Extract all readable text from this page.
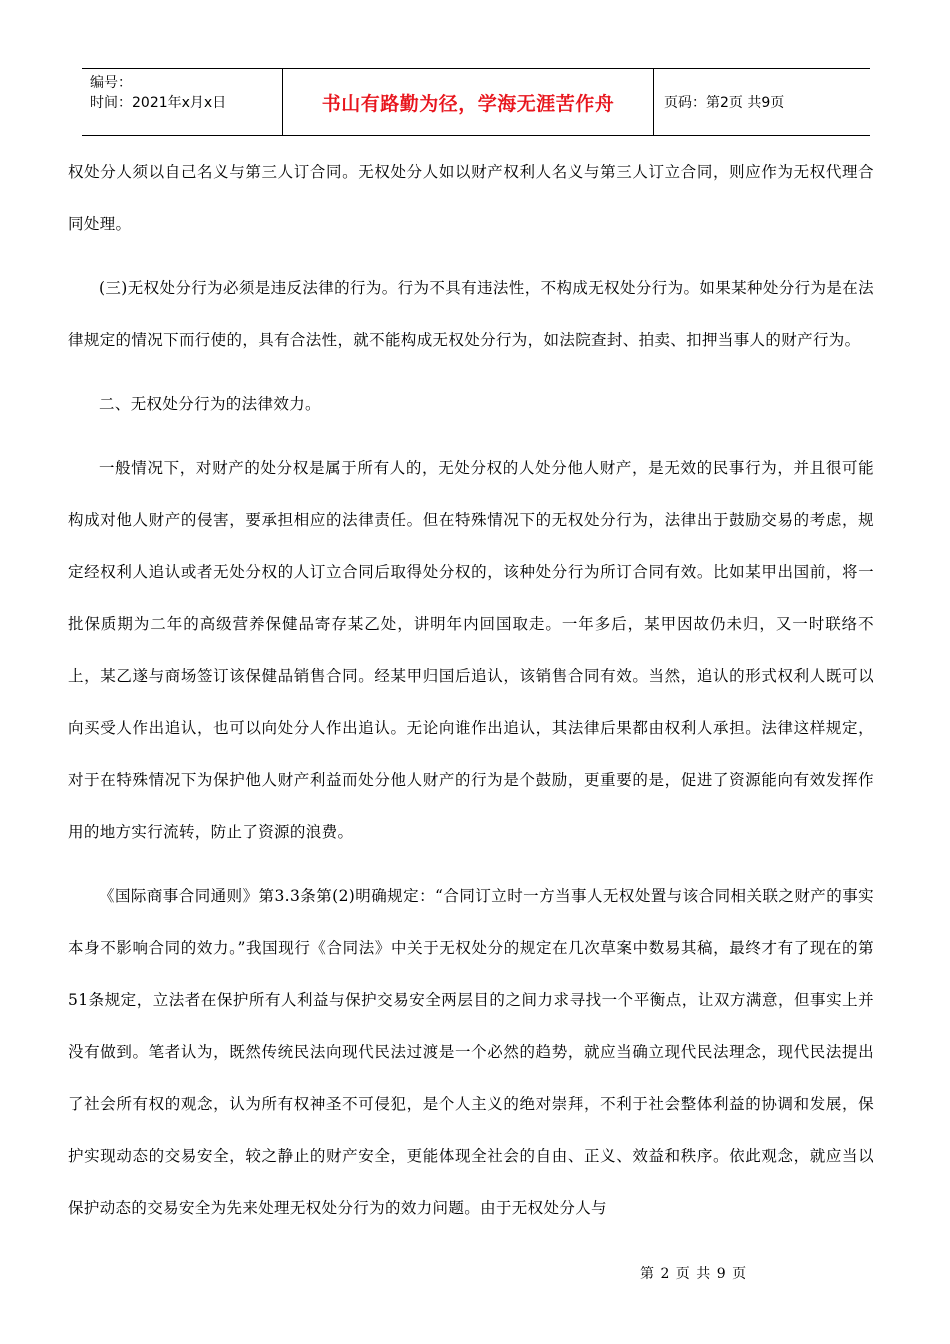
编号：
时间：2021年x月x日	书山有路勤为径，学海无涯苦作舟	页码：第2页 共9页

权处分人须以自己名义与第三人订合同。无权处分人如以财产权利人名义与第三人订立合同，则应作为无权代理合同处理。

(三)无权处分行为必须是违反法律的行为。行为不具有违法性，不构成无权处分行为。如果某种处分行为是在法律规定的情况下而行使的，具有合法性，就不能构成无权处分行为，如法院查封、拍卖、扣押当事人的财产行为。

二、无权处分行为的法律效力。

一般情况下，对财产的处分权是属于所有人的，无处分权的人处分他人财产，是无效的民事行为，并且很可能构成对他人财产的侵害，要承担相应的法律责任。但在特殊情况下的无权处分行为，法律出于鼓励交易的考虑，规定经权利人追认或者无处分权的人订立合同后取得处分权的，该种处分行为所订合同有效。比如某甲出国前，将一批保质期为二年的高级营养保健品寄存某乙处，讲明年内回国取走。一年多后，某甲因故仍未归，又一时联络不上，某乙遂与商场签订该保健品销售合同。经某甲归国后追认，该销售合同有效。当然，追认的形式权利人既可以向买受人作出追认，也可以向处分人作出追认。无论向谁作出追认，其法律后果都由权利人承担。法律这样规定，对于在特殊情况下为保护他人财产利益而处分他人财产的行为是个鼓励，更重要的是，促进了资源能向有效发挥作用的地方实行流转，防止了资源的浪费。

《国际商事合同通则》第3.3条第(2)明确规定：“合同订立时一方当事人无权处置与该合同相关联之财产的事实本身不影响合同的效力。”我国现行《合同法》中关于无权处分的规定在几次草案中数易其稿，最终才有了现在的第51条规定，立法者在保护所有人利益与保护交易安全两层目的之间力求寻找一个平衡点，让双方满意，但事实上并没有做到。笔者认为，既然传统民法向现代民法过渡是一个必然的趋势，就应当确立现代民法理念，现代民法提出了社会所有权的观念，认为所有权神圣不可侵犯，是个人主义的绝对崇拜，不利于社会整体利益的协调和发展，保护实现动态的交易安全，较之静止的财产安全，更能体现全社会的自由、正义、效益和秩序。依此观念，就应当以保护动态的交易安全为先来处理无权处分行为的效力问题。由于无权处分人与

第 2 页 共 9 页
